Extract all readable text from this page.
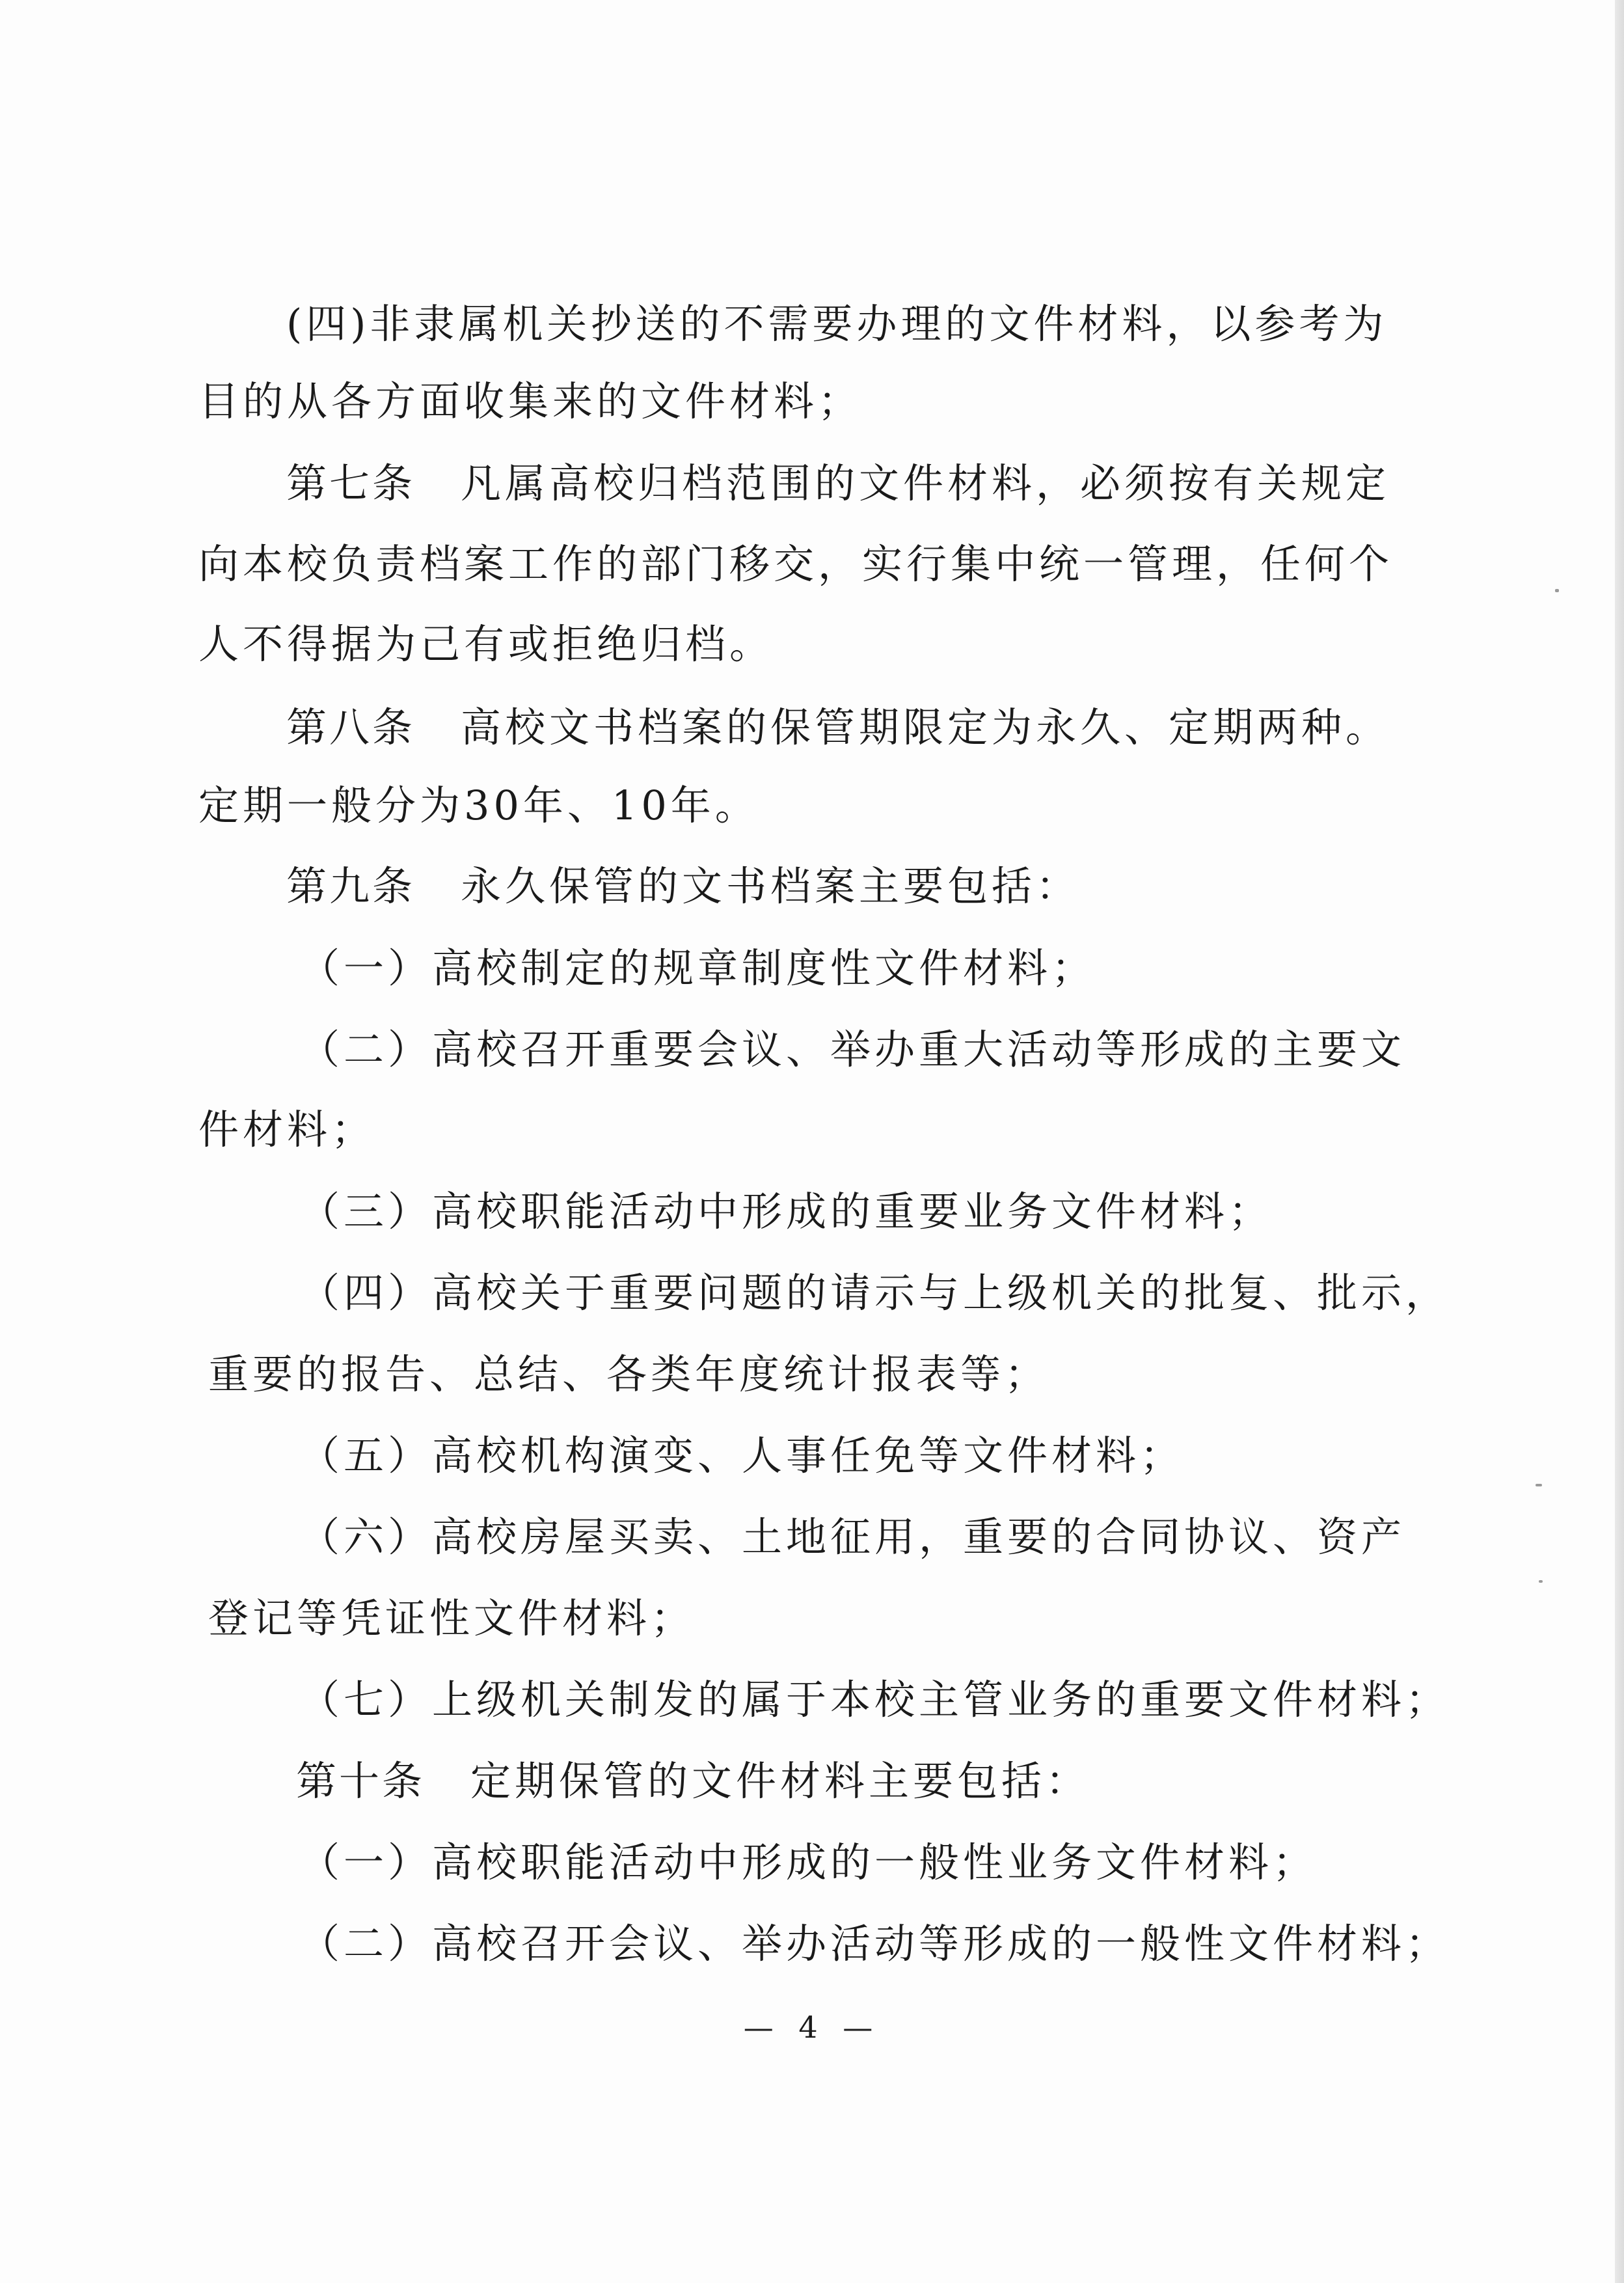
(四)非隶属机关抄送的不需要办理的文件材料，以参考为
目的从各方面收集来的文件材料；
第七条 凡属高校归档范围的文件材料，必须按有关规定
向本校负责档案工作的部门移交，实行集中统一管理，任何个
人不得据为己有或拒绝归档。
第八条 高校文书档案的保管期限定为永久、定期两种。
定期一般分为30年、10年。
第九条 永久保管的文书档案主要包括：
（一）高校制定的规章制度性文件材料；
（二）高校召开重要会议、举办重大活动等形成的主要文
件材料；
（三）高校职能活动中形成的重要业务文件材料；
（四）高校关于重要问题的请示与上级机关的批复、批示，
重要的报告、总结、各类年度统计报表等；
（五）高校机构演变、人事任免等文件材料；
（六）高校房屋买卖、土地征用，重要的合同协议、资产
登记等凭证性文件材料；
（七）上级机关制发的属于本校主管业务的重要文件材料；
第十条 定期保管的文件材料主要包括：
（一）高校职能活动中形成的一般性业务文件材料；
（二）高校召开会议、举办活动等形成的一般性文件材料；
— 4 —
